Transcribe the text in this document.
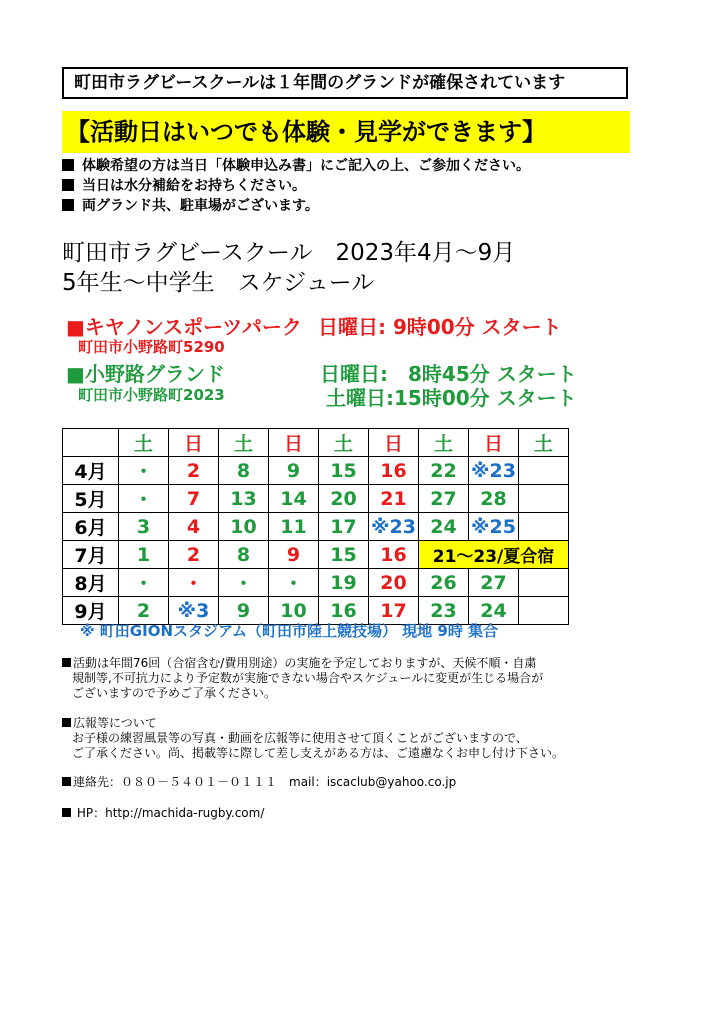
町田市ラグビースクールは１年間のグランドが確保されています
【活動日はいつでも体験・見学ができます】
体験希望の方は当日「体験申込み書」にご記入の上、ご参加ください。
当日は水分補給をお持ちください。
両グランド共、駐車場がございます。
町田市ラグビースクール　2023年4月～9月
5年生～中学生　スケジュール
■キヤノンスポーツパーク
町田市小野路町5290
日曜日: 9時00分 スタート
■小野路グランド
町田市小野路町2023
日曜日:　8時45分 スタート
土曜日:15時00分 スタート
	土	日	土	日	土	日	土	日	土
4月	・	2	8	9	15	16	22	※23	
5月	・	7	13	14	20	21	27	28	
6月	3	4	10	11	17	※23	24	※25	
7月	1	2	8	9	15	16	21～23/夏合宿		
8月	・	・	・	・	19	20	26	27	
9月	2	※3	9	10	16	17	23	24	
※ 町田GIONスタジアム（町田市陸上競技場） 現地 9時 集合
活動は年間76回（合宿含む/費用別途）の実施を予定しておりますが、天候不順・自粛
規制等,不可抗力により予定数が実施できない場合やスケジュールに変更が生じる場合が
ございますので予めご了承ください。
広報等について
お子様の練習風景等の写真・動画を広報等に使用させて頂くことがございますので、
ご了承ください。尚、掲載等に際して差し支えがある方は、ご遠慮なくお申し付け下さい。
連絡先：０８０－５４０１－０１１１　mail：iscaclub@yahoo.co.jp
HP：http://machida-rugby.com/
